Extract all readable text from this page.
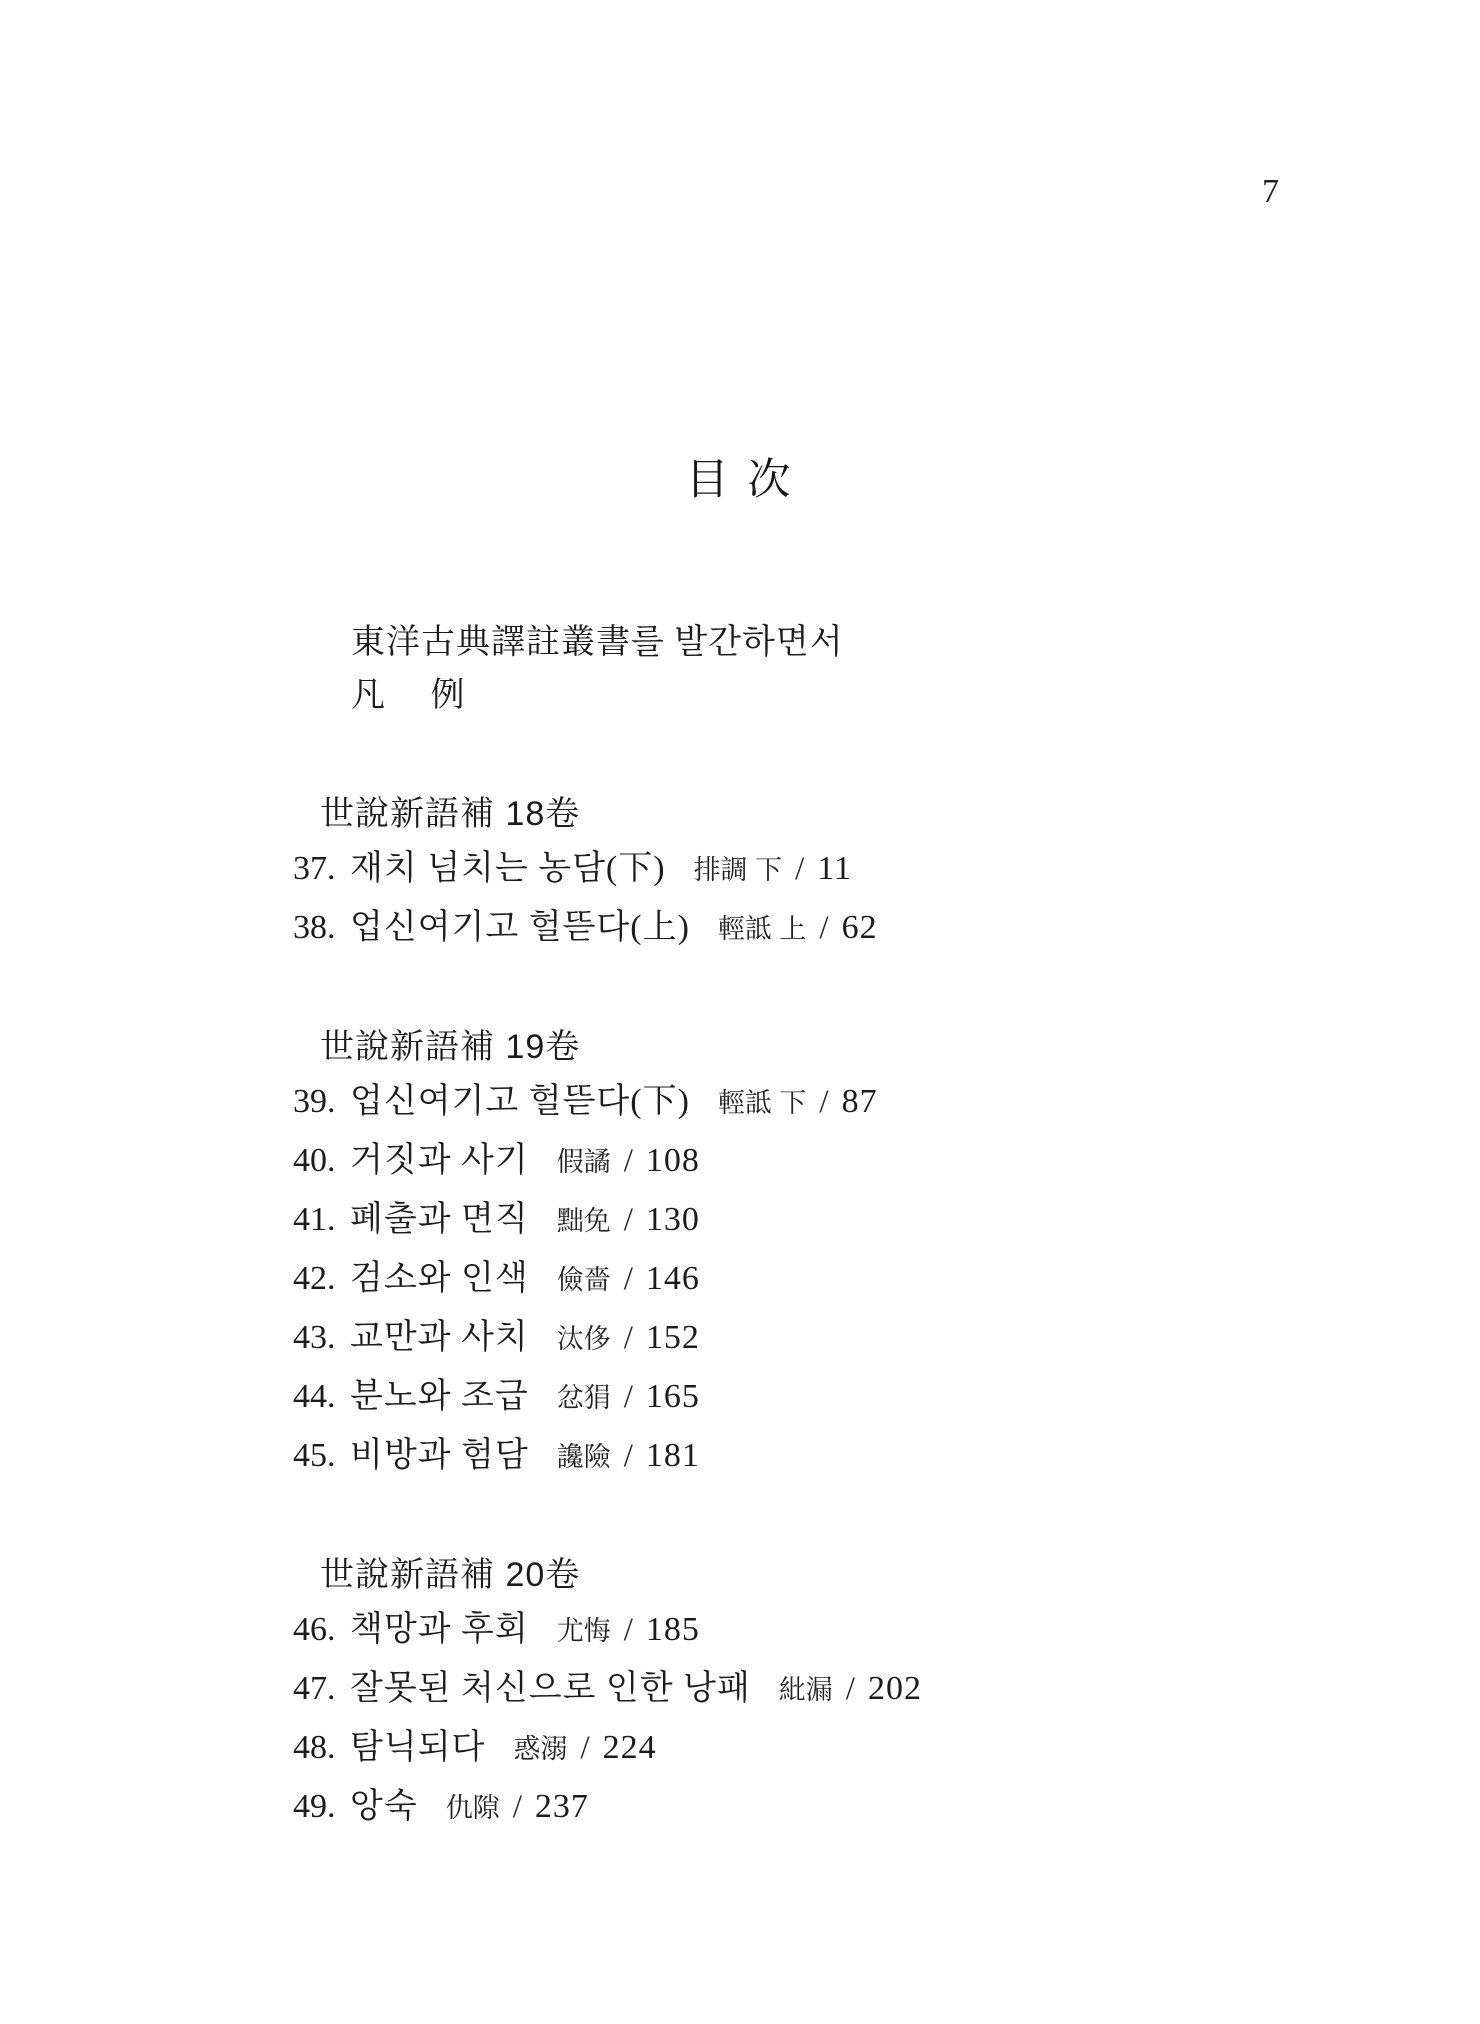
7
目 次
東洋古典譯註叢書를 발간하면서
凡　 例
世說新語補 18卷
37. 재치 넘치는 농담(下) 排調 下 / 11
38. 업신여기고 헐뜯다(上) 輕詆 上 / 62
世說新語補 19卷
39. 업신여기고 헐뜯다(下) 輕詆 下 / 87
40. 거짓과 사기 假譎 / 108
41. 폐출과 면직 黜免 / 130
42. 검소와 인색 儉嗇 / 146
43. 교만과 사치 汰侈 / 152
44. 분노와 조급 忿狷 / 165
45. 비방과 험담 讒險 / 181
世說新語補 20卷
46. 책망과 후회 尤悔 / 185
47. 잘못된 처신으로 인한 낭패 紕漏 / 202
48. 탐닉되다 惑溺 / 224
49. 앙숙 仇隙 / 237
